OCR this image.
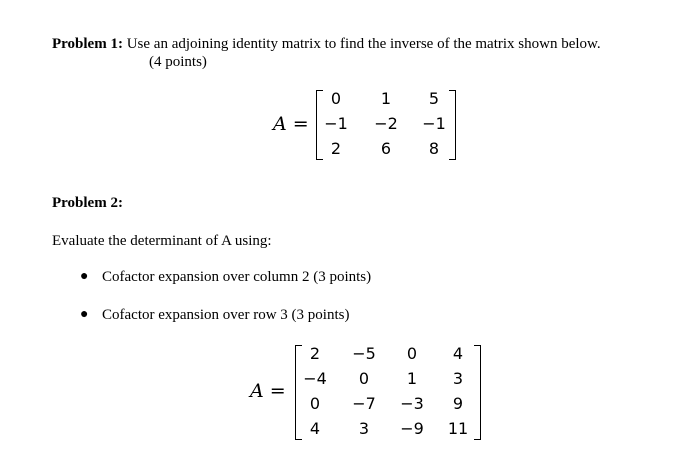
Problem 1: Use an adjoining identity matrix to find the inverse of the matrix shown below.
(4 points)
A =
0	1	5
−1	−2	−1
2	6	8
Problem 2:
Evaluate the determinant of A using:
● Cofactor expansion over column 2 (3 points)
● Cofactor expansion over row 3 (3 points)
A =
2	−5	0	4
−4	0	1	3
0	−7	−3	9
4	3	−9	11
